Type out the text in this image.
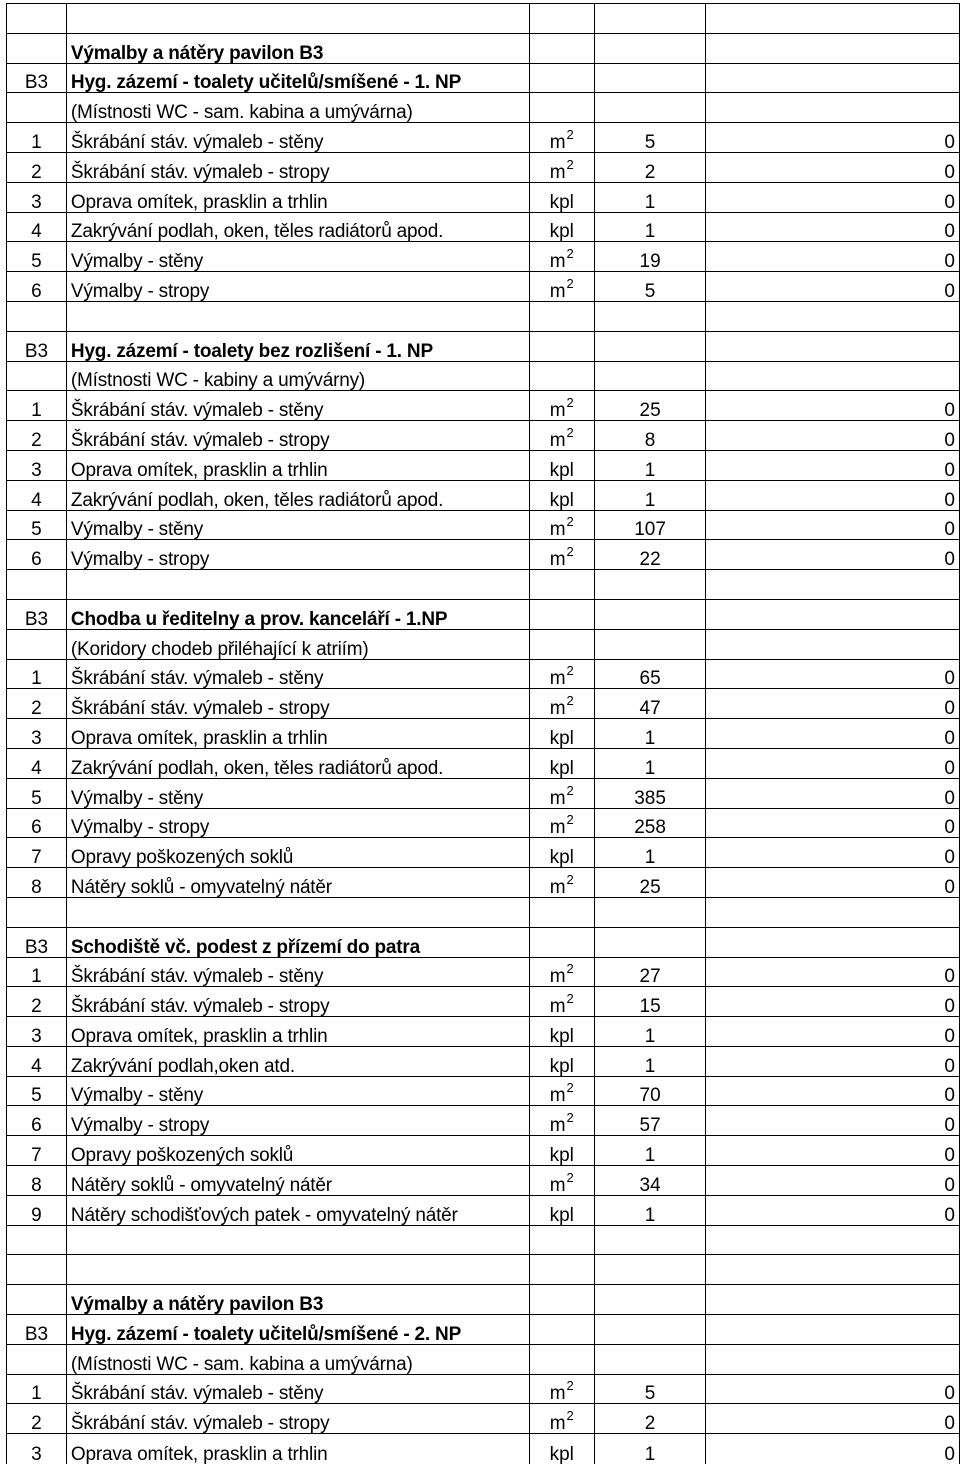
	Výmalby a nátěry pavilon B3			
B3	Hyg. zázemí - toalety učitelů/smíšené - 1. NP			
	(Místnosti WC - sam. kabina a umývárna)			
1	Škrábání stáv. výmaleb - stěny	$m^2$	5	0
2	Škrábání stáv. výmaleb - stropy	$m^2$	2	0
3	Oprava omítek, prasklin a trhlin	kpl	1	0
4	Zakrývání podlah, oken, těles radiátorů apod.	kpl	1	0
5	Výmalby - stěny	$m^2$	19	0
6	Výmalby - stropy	$m^2$	5	0

B3	Hyg. zázemí - toalety bez rozlišení - 1. NP			
	(Místnosti WC - kabiny a umývárny)			
1	Škrábání stáv. výmaleb - stěny	$m^2$	25	0
2	Škrábání stáv. výmaleb - stropy	$m^2$	8	0
3	Oprava omítek, prasklin a trhlin	kpl	1	0
4	Zakrývání podlah, oken, těles radiátorů apod.	kpl	1	0
5	Výmalby - stěny	$m^2$	107	0
6	Výmalby - stropy	$m^2$	22	0

B3	Chodba u ředitelny a prov. kanceláří - 1.NP			
	(Koridory chodeb přiléhající k atriím)			
1	Škrábání stáv. výmaleb - stěny	$m^2$	65	0
2	Škrábání stáv. výmaleb - stropy	$m^2$	47	0
3	Oprava omítek, prasklin a trhlin	kpl	1	0
4	Zakrývání podlah, oken, těles radiátorů apod.	kpl	1	0
5	Výmalby - stěny	$m^2$	385	0
6	Výmalby - stropy	$m^2$	258	0
7	Opravy poškozených soklů	kpl	1	0
8	Nátěry soklů - omyvatelný nátěr	$m^2$	25	0

B3	Schodiště vč. podest z přízemí do patra			
1	Škrábání stáv. výmaleb - stěny	$m^2$	27	0
2	Škrábání stáv. výmaleb - stropy	$m^2$	15	0
3	Oprava omítek, prasklin a trhlin	kpl	1	0
4	Zakrývání podlah,oken atd.	kpl	1	0
5	Výmalby - stěny	$m^2$	70	0
6	Výmalby - stropy	$m^2$	57	0
7	Opravy poškozených soklů	kpl	1	0
8	Nátěry soklů - omyvatelný nátěr	$m^2$	34	0
9	Nátěry schodišťových patek - omyvatelný nátěr	kpl	1	0

	Výmalby a nátěry pavilon B3			
B3	Hyg. zázemí - toalety učitelů/smíšené - 2. NP			
	(Místnosti WC - sam. kabina a umývárna)			
1	Škrábání stáv. výmaleb - stěny	$m^2$	5	0
2	Škrábání stáv. výmaleb - stropy	$m^2$	2	0
3	Oprava omítek, prasklin a trhlin	kpl	1	0
